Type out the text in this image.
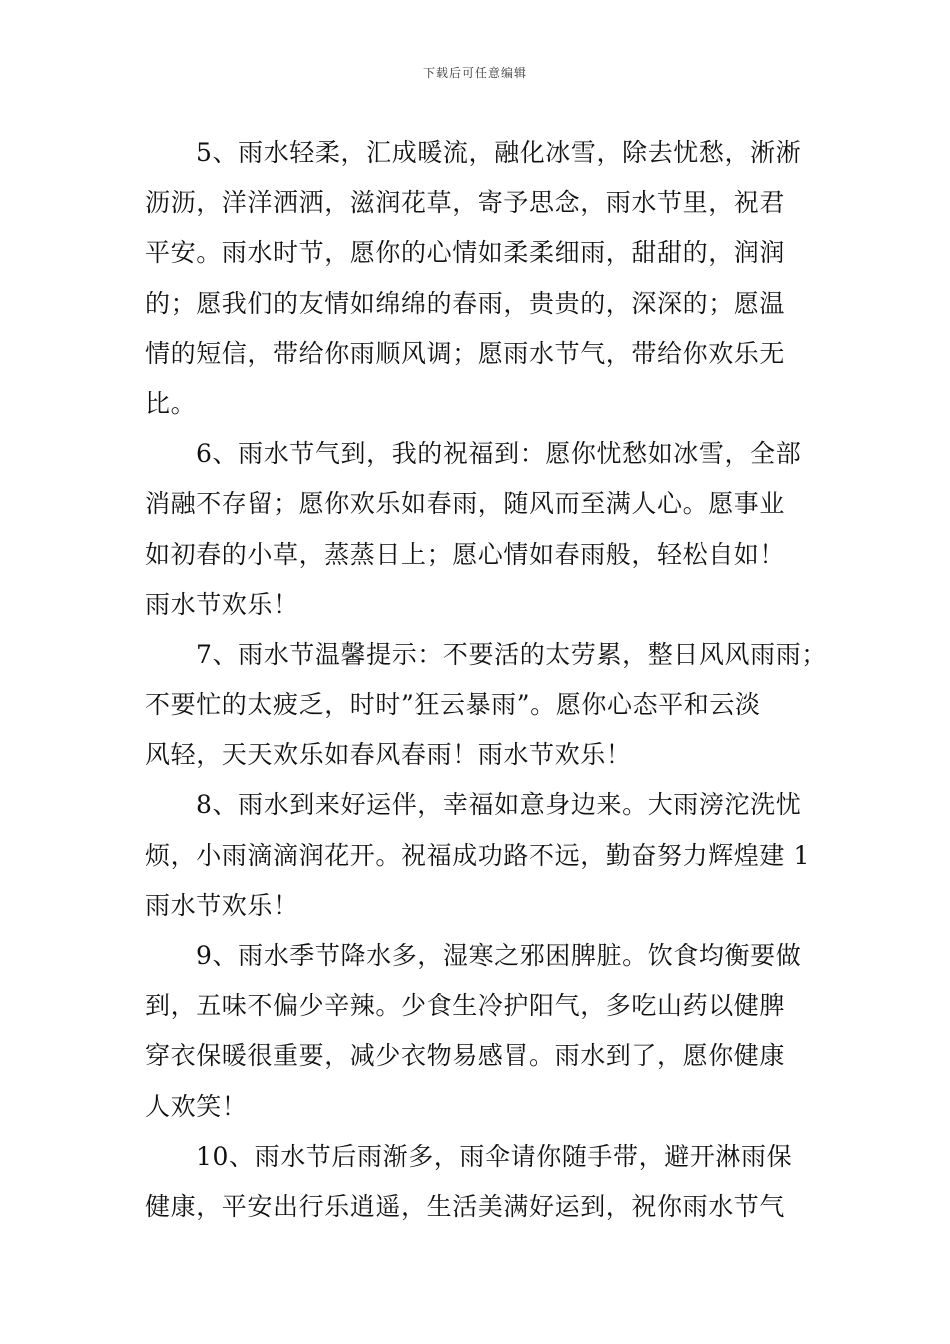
下载后可任意编辑
5、雨水轻柔，汇成暖流，融化冰雪，除去忧愁，淅淅
沥沥，洋洋洒洒，滋润花草，寄予思念，雨水节里，祝君
平安。雨水时节，愿你的心情如柔柔细雨，甜甜的，润润
的；愿我们的友情如绵绵的春雨，贵贵的，深深的；愿温
情的短信，带给你雨顺风调；愿雨水节气，带给你欢乐无
比。
6、雨水节气到，我的祝福到：愿你忧愁如冰雪，全部
消融不存留；愿你欢乐如春雨，随风而至满人心。愿事业
如初春的小草，蒸蒸日上；愿心情如春雨般，轻松自如！
雨水节欢乐！
7、雨水节温馨提示：不要活的太劳累，整日风风雨雨；
不要忙的太疲乏，时时”狂云暴雨”。愿你心态平和云淡
风轻，天天欢乐如春风春雨！雨水节欢乐！
8、雨水到来好运伴，幸福如意身边来。大雨滂沱洗忧
烦，小雨滴滴润花开。祝福成功路不远，勤奋努力辉煌建 1
雨水节欢乐！
9、雨水季节降水多，湿寒之邪困脾脏。饮食均衡要做
到，五味不偏少辛辣。少食生冷护阳气，多吃山药以健脾
穿衣保暖很重要，减少衣物易感冒。雨水到了，愿你健康
人欢笑！
10、雨水节后雨渐多，雨伞请你随手带，避开淋雨保
健康，平安出行乐逍遥，生活美满好运到，祝你雨水节气
